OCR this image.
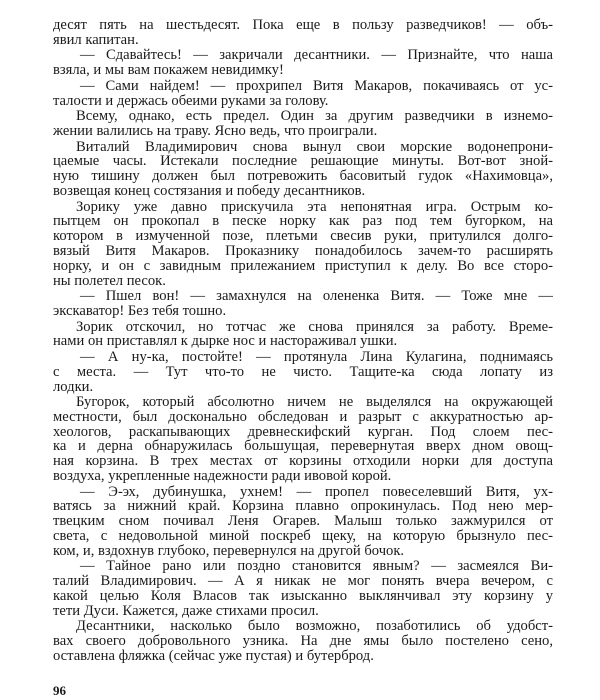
десят пять на шестьдесят. Пока еще в пользу разведчиков! — объ-
явил капитан.
— Сдавайтесь! — закричали десантники. — Признайте, что наша
взяла, и мы вам покажем невидимку!
— Сами найдем! — прохрипел Витя Макаров, покачиваясь от ус-
талости и держась обеими руками за голову.
Всему, однако, есть предел. Один за другим разведчики в изнемо-
жении валились на траву. Ясно ведь, что проиграли.
Виталий Владимирович снова вынул свои морские водонепрони-
цаемые часы. Истекали последние решающие минуты. Вот-вот зной-
ную тишину должен был потревожить басовитый гудок «Нахимовца»,
возвещая конец состязания и победу десантников.
Зорику уже давно прискучила эта непонятная игра. Острым ко-
пытцем он прокопал в песке норку как раз под тем бугорком, на
котором в измученной позе, плетьми свесив руки, притулился долго-
вязый Витя Макаров. Проказнику понадобилось зачем-то расширять
норку, и он с завидным прилежанием приступил к делу. Во все сторо-
ны полетел песок.
— Пшел вон! — замахнулся на олененка Витя. — Тоже мне —
экскаватор! Без тебя тошно.
Зорик отскочил, но тотчас же снова принялся за работу. Време-
нами он приставлял к дырке нос и настораживал ушки.
— А ну-ка, постойте! — протянула Лина Кулагина, поднимаясь
с места. — Тут что-то не чисто. Тащите-ка сюда лопату из
лодки.
Бугорок, который абсолютно ничем не выделялся на окружающей
местности, был досконально обследован и разрыт с аккуратностью ар-
хеологов, раскапывающих древнескифский курган. Под слоем пес-
ка и дерна обнаружилась большущая, перевернутая вверх дном овощ-
ная корзина. В трех местах от корзины отходили норки для доступа
воздуха, укрепленные надежности ради ивовой корой.
— Э-эх, дубинушка, ухнем! — пропел повеселевший Витя, ух-
ватясь за нижний край. Корзина плавно опрокинулась. Под нею мер-
твецким сном почивал Леня Огарев. Малыш только зажмурился от
света, с недовольной миной поскреб щеку, на которую брызнуло пес-
ком, и, вздохнув глубоко, перевернулся на другой бочок.
— Тайное рано или поздно становится явным? — засмеялся Ви-
талий Владимирович. — А я никак не мог понять вчера вечером, с
какой целью Коля Власов так изысканно выклянчивал эту корзину у
тети Дуси. Кажется, даже стихами просил.
Десантники, насколько было возможно, позаботились об удобст-
вах своего добровольного узника. На дне ямы было постелено сено,
оставлена фляжка (сейчас уже пустая) и бутерброд.
96
